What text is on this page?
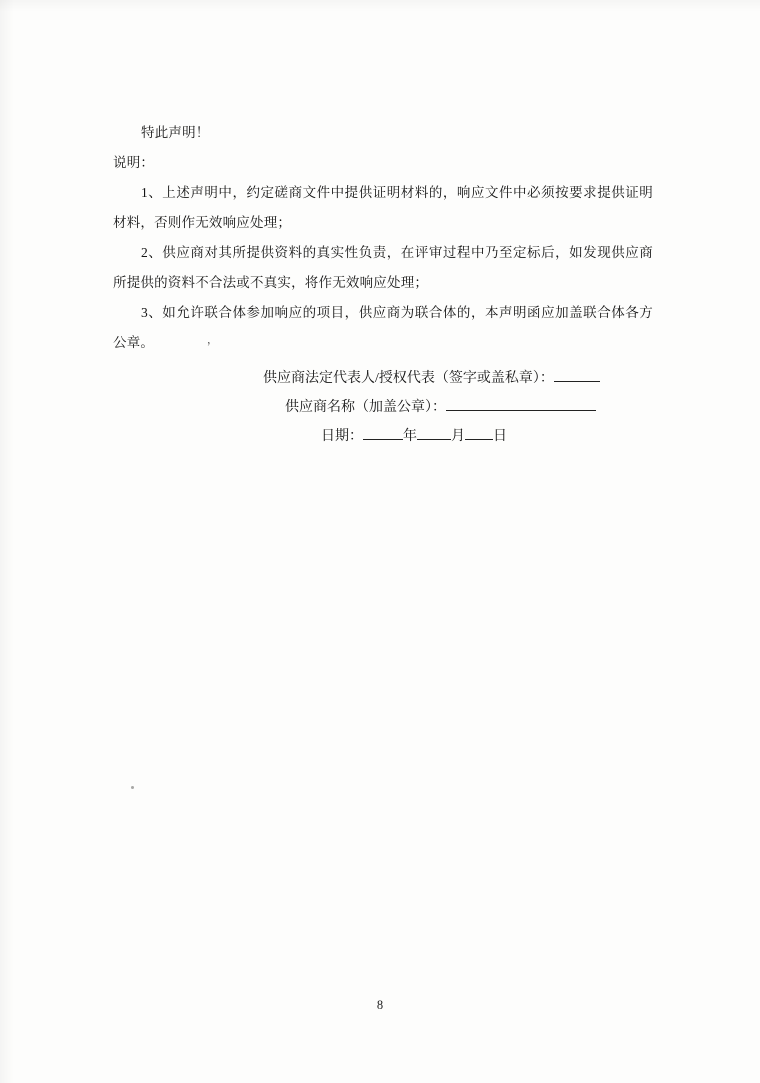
特此声明！
说明：

1、上述声明中，约定磋商文件中提供证明材料的，响应文件中必须按要求提供证明材料，否则作无效响应处理；

2、供应商对其所提供资料的真实性负责，在评审过程中乃至定标后，如发现供应商所提供的资料不合法或不真实，将作无效响应处理；

3、如允许联合体参加响应的项目，供应商为联合体的，本声明函应加盖联合体各方公章。	，
供应商法定代表人/授权代表（签字或盖私章）：
供应商名称（加盖公章）：
日期：	年 月 日
8
